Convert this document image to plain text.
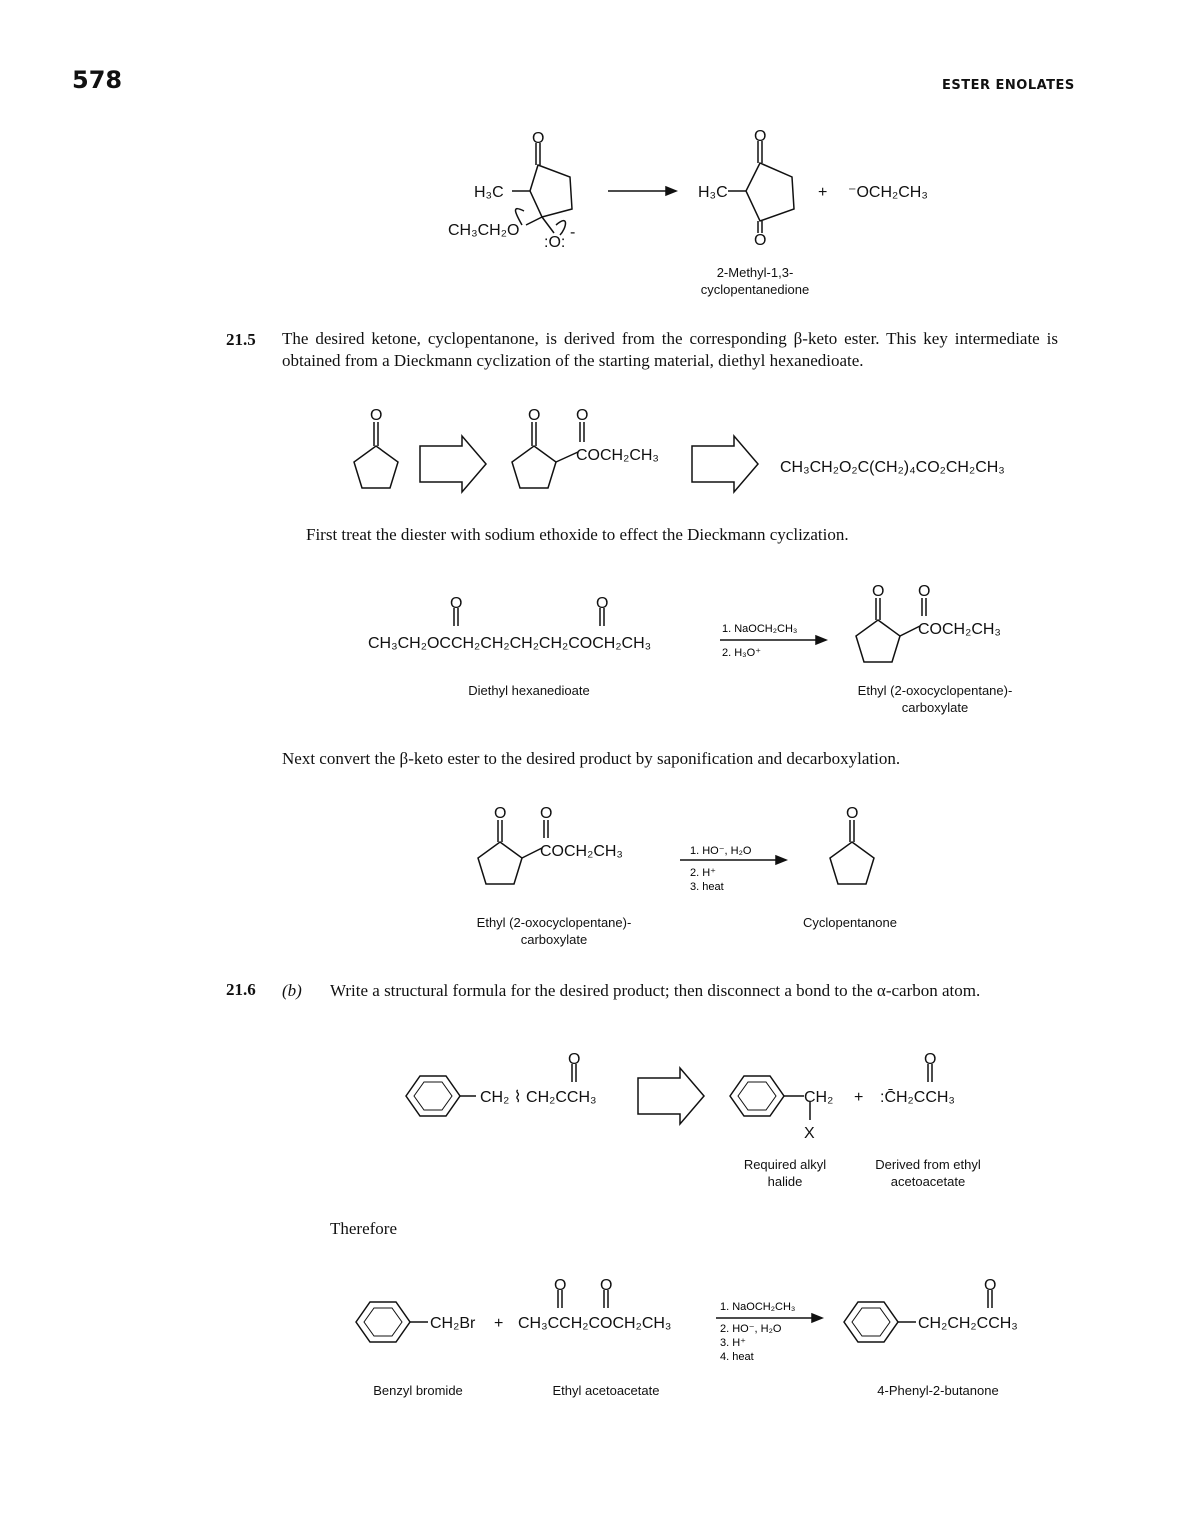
578	ESTER ENOLATES
O
H₃C
CH₃CH₂O
:O:
-
O
O
H₃C	+ ⁻OCH₂CH₃
2-Methyl-1,3-cyclopentanedione
21.5 The desired ketone, cyclopentanone, is derived from the corresponding β-keto ester. This key intermediate is obtained from a Dieckmann cyclization of the starting material, diethyl hexanedioate.
O	O O
COCH₂CH₃
CH₃CH₂O₂C(CH₂)₄CO₂CH₂CH₃
First treat the diester with sodium ethoxide to effect the Dieckmann cyclization.
O	O
CH₃CH₂OCCH₂CH₂CH₂CH₂COCH₂CH₃
1. NaOCH₂CH₃
2. H₃O⁺
O O
COCH₂CH₃
Diethyl hexanedioate	Ethyl (2-oxocyclopentane)-carboxylate
Next convert the β-keto ester to the desired product by saponification and decarboxylation.
O O
COCH₂CH₃	1. HO⁻, H₂O
2. H⁺
3. heat
O
Ethyl (2-oxocyclopentane)-carboxylate
Cyclopentanone
21.6 (b) Write a structural formula for the desired product; then disconnect a bond to the α-carbon atom.
O
CH₂ ⌇ CH₂CCH₃	CH₂
X
+
O
:C̄H₂CCH₃
Required alkyl halide
Derived from ethyl acetoacetate
Therefore
CH₂Br +
O O
CH₃CCH₂COCH₂CH₃
1. NaOCH₂CH₃
2. HO⁻, H₂O
3. H⁺
4. heat
O
CH₂CH₂CCH₃
Benzyl bromide	Ethyl acetoacetate	4-Phenyl-2-butanone
